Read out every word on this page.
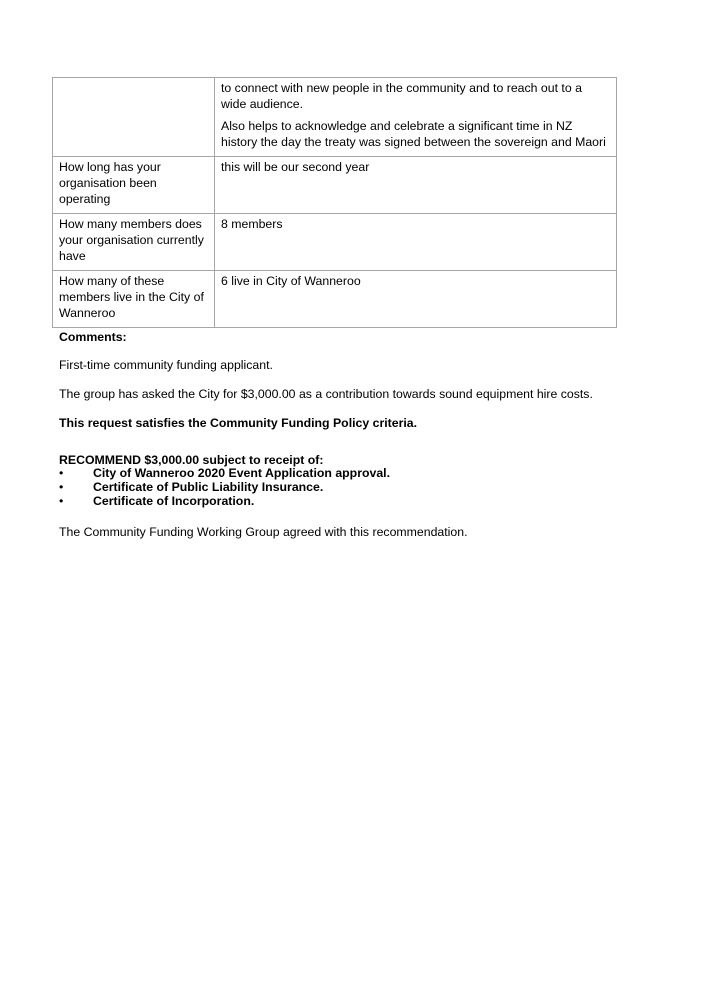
	to connect with new people in the community and to reach out to a wide audience.

Also helps to acknowledge and celebrate a significant time in NZ history the day the treaty was signed between the sovereign and Maori

How long has your organisation been operating	this will be our second year
How many members does your organisation currently have	8 members
How many of these members live in the City of Wanneroo	6 live in City of Wanneroo

Comments:

First-time community funding applicant.

The group has asked the City for $3,000.00 as a contribution towards sound equipment hire costs.

This request satisfies the Community Funding Policy criteria.

RECOMMEND $3,000.00 subject to receipt of:

• City of Wanneroo 2020 Event Application approval.
• Certificate of Public Liability Insurance.
• Certificate of Incorporation.

The Community Funding Working Group agreed with this recommendation.
